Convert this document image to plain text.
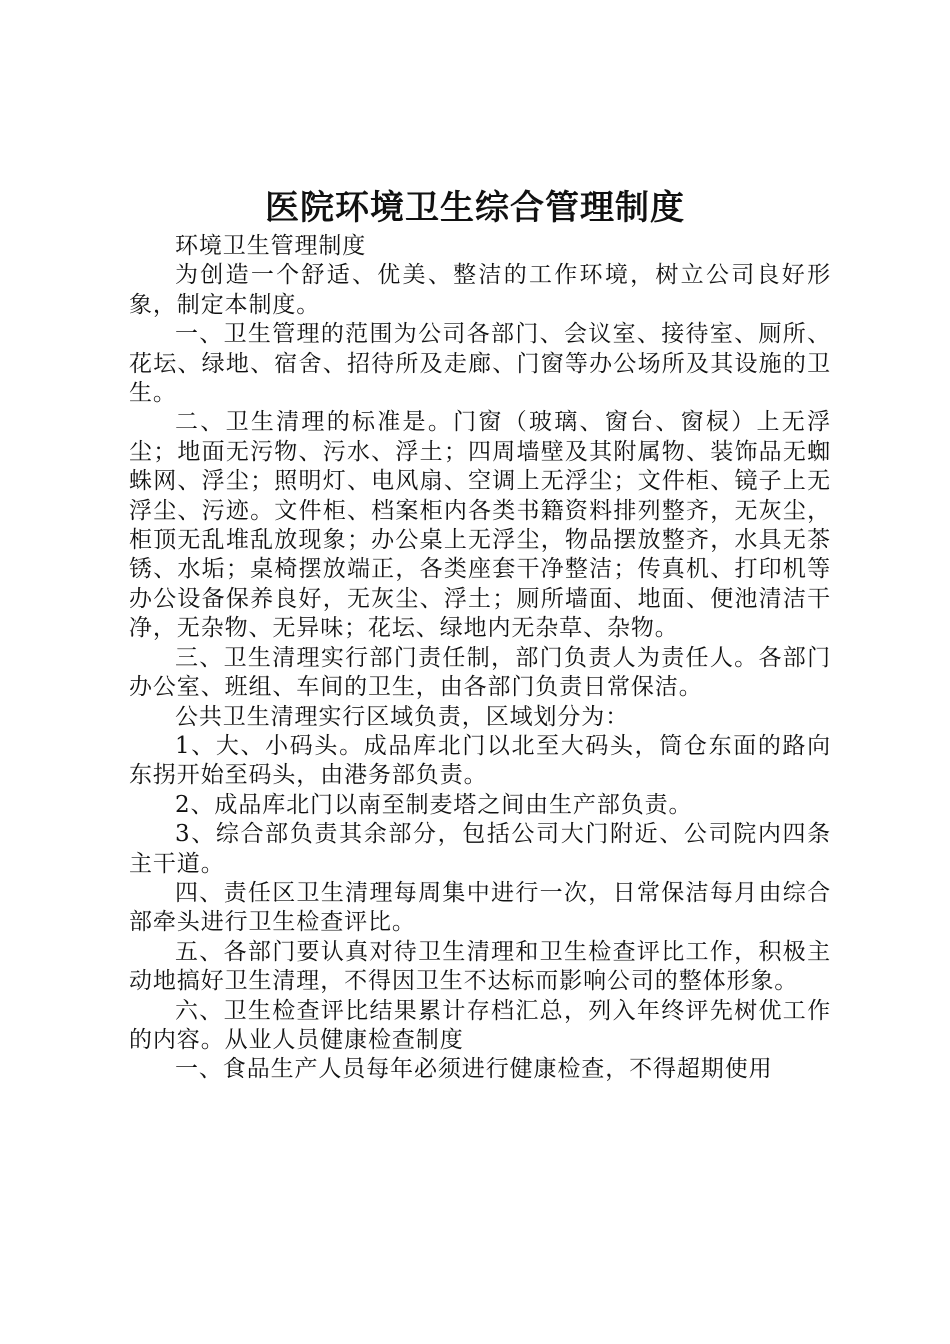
医院环境卫生综合管理制度

环境卫生管理制度

为创造一个舒适、优美、整洁的工作环境，树立公司良好形象，制定本制度。

一、卫生管理的范围为公司各部门、会议室、接待室、厕所、花坛、绿地、宿舍、招待所及走廊、门窗等办公场所及其设施的卫生。

二、卫生清理的标准是。门窗（玻璃、窗台、窗棂）上无浮尘；地面无污物、污水、浮土；四周墙壁及其附属物、装饰品无蜘蛛网、浮尘；照明灯、电风扇、空调上无浮尘；文件柜、镜子上无浮尘、污迹。文件柜、档案柜内各类书籍资料排列整齐，无灰尘，柜顶无乱堆乱放现象；办公桌上无浮尘，物品摆放整齐，水具无茶锈、水垢；桌椅摆放端正，各类座套干净整洁；传真机、打印机等办公设备保养良好，无灰尘、浮土；厕所墙面、地面、便池清洁干净，无杂物、无异味；花坛、绿地内无杂草、杂物。

三、卫生清理实行部门责任制，部门负责人为责任人。各部门办公室、班组、车间的卫生，由各部门负责日常保洁。

公共卫生清理实行区域负责，区域划分为：

1、大、小码头。成品库北门以北至大码头，筒仓东面的路向东拐开始至码头，由港务部负责。

2、成品库北门以南至制麦塔之间由生产部负责。

3、综合部负责其余部分，包括公司大门附近、公司院内四条主干道。

四、责任区卫生清理每周集中进行一次，日常保洁每月由综合部牵头进行卫生检查评比。

五、各部门要认真对待卫生清理和卫生检查评比工作，积极主动地搞好卫生清理，不得因卫生不达标而影响公司的整体形象。

六、卫生检查评比结果累计存档汇总，列入年终评先树优工作的内容。从业人员健康检查制度

一、食品生产人员每年必须进行健康检查，不得超期使用
